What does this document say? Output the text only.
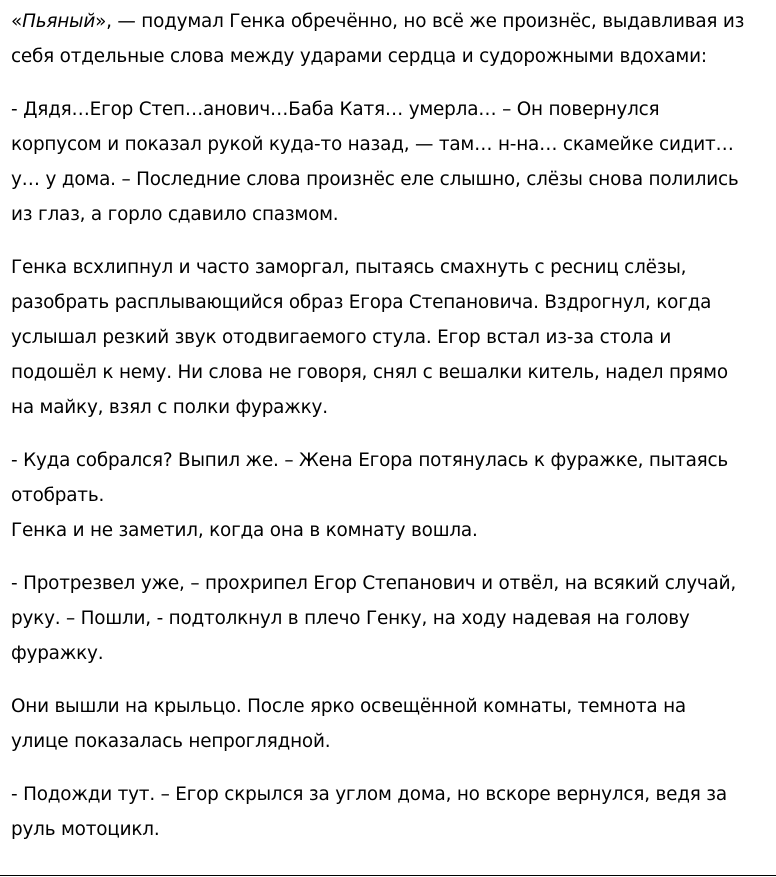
«Пьяный», — подумал Генка обречённо, но всё же произнёс, выдавливая из
себя отдельные слова между ударами сердца и судорожными вдохами:

- Дядя…Егор Степ…анович…Баба Катя… умерла… – Он повернулся
корпусом и показал рукой куда-то назад, — там… н-на… скамейке сидит…
у… у дома. – Последние слова произнёс еле слышно, слёзы снова полились
из глаз, а горло сдавило спазмом.

Генка всхлипнул и часто заморгал, пытаясь смахнуть с ресниц слёзы,
разобрать расплывающийся образ Егора Степановича. Вздрогнул, когда
услышал резкий звук отодвигаемого стула. Егор встал из-за стола и
подошёл к нему. Ни слова не говоря, снял с вешалки китель, надел прямо
на майку, взял с полки фуражку.

- Куда собрался? Выпил же. – Жена Егора потянулась к фуражке, пытаясь
отобрать.
Генка и не заметил, когда она в комнату вошла.

- Протрезвел уже, – прохрипел Егор Степанович и отвёл, на всякий случай,
руку. – Пошли, - подтолкнул в плечо Генку, на ходу надевая на голову
фуражку.

Они вышли на крыльцо. После ярко освещённой комнаты, темнота на
улице показалась непроглядной.

- Подожди тут. – Егор скрылся за углом дома, но вскоре вернулся, ведя за
руль мотоцикл.
